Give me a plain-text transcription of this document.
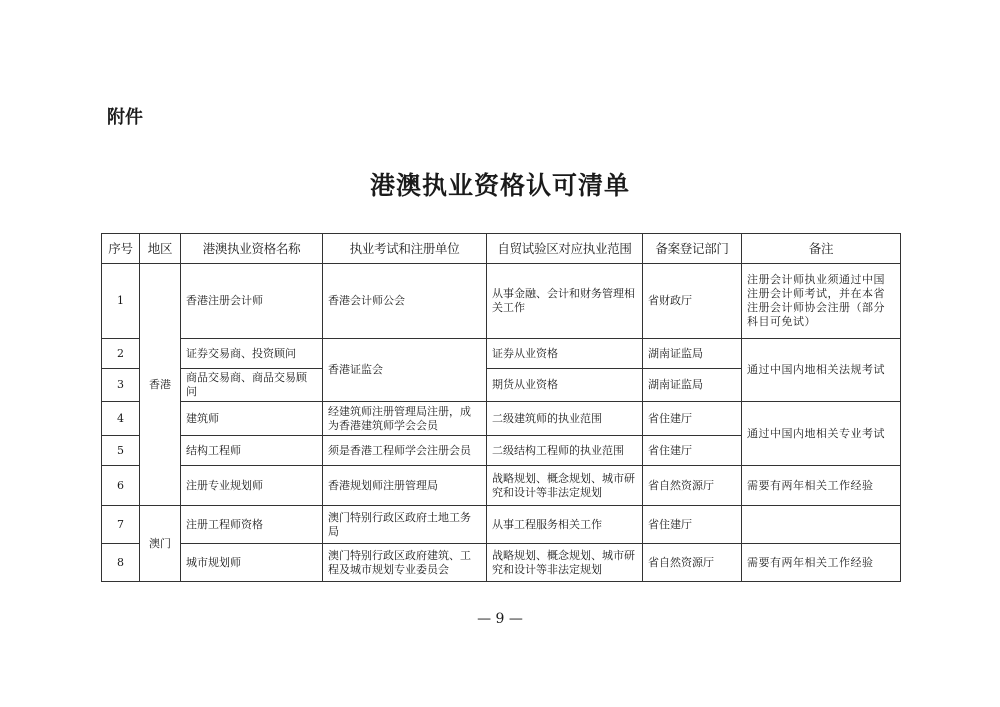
附件
港澳执业资格认可清单
序号	地区	港澳执业资格名称	执业考试和注册单位	自贸试验区对应执业范围	备案登记部门	备注
1	香港	香港注册会计师	香港会计师公会	从事金融、会计和财务管理相关工作	省财政厅	注册会计师执业须通过中国注册会计师考试，并在本省注册会计师协会注册（部分科目可免试）
2		证券交易商、投资顾问	香港证监会	证券从业资格	湖南证监局	通过中国内地相关法规考试
3		商品交易商、商品交易顾问		期货从业资格	湖南证监局	
4		建筑师	经建筑师注册管理局注册，成为香港建筑师学会会员	二级建筑师的执业范围	省住建厅	通过中国内地相关专业考试
5		结构工程师	须是香港工程师学会注册会员	二级结构工程师的执业范围	省住建厅	
6		注册专业规划师	香港规划师注册管理局	战略规划、概念规划、城市研究和设计等非法定规划	省自然资源厅	需要有两年相关工作经验
7	澳门	注册工程师资格	澳门特别行政区政府土地工务局	从事工程服务相关工作	省住建厅	
8		城市规划师	澳门特别行政区政府建筑、工程及城市规划专业委员会	战略规划、概念规划、城市研究和设计等非法定规划	省自然资源厅	需要有两年相关工作经验
— 9 —
